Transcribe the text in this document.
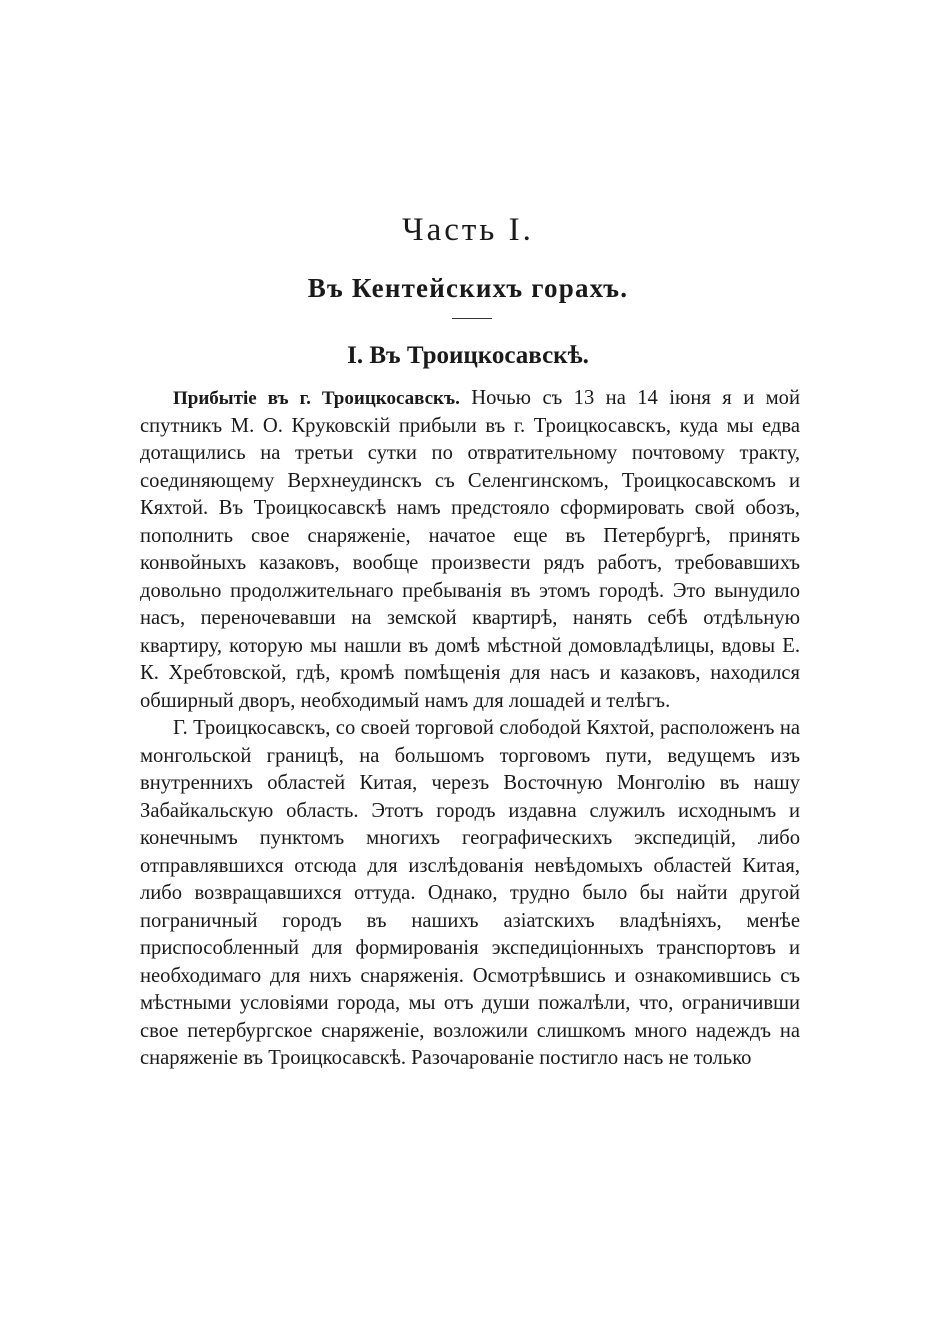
Часть I.
Въ Кентейскихъ горахъ.
I. Въ Троицкосавскѣ.

Прибытіе въ г. Троицкосавскъ. Ночью съ 13 на 14 іюня я и мой спутникъ М. О. Круковскій прибыли въ г. Троицкосавскъ, куда мы едва дотащились на третьи сутки по отвратительному почтовому тракту, соединяющему Верхнеудинскъ съ Селенгинскомъ, Троицкосавскомъ и Кяхтой. Въ Троицкосавскѣ намъ предстояло сформировать свой обозъ, пополнить свое снаряженіе, начатое еще въ Петербургѣ, принять конвойныхъ казаковъ, вообще произвести рядъ работъ, требовавшихъ довольно продолжительнаго пребыванія въ этомъ городѣ. Это вынудило насъ, переночевавши на земской квартирѣ, нанять себѣ отдѣльную квартиру, которую мы нашли въ домѣ мѣстной домовладѣлицы, вдовы Е. К. Хребтовской, гдѣ, кромѣ помѣщенія для насъ и казаковъ, находился обширный дворъ, необходимый намъ для лошадей и телѣгъ.

Г. Троицкосавскъ, со своей торговой слободой Кяхтой, расположенъ на монгольской границѣ, на большомъ торговомъ пути, ведущемъ изъ внутреннихъ областей Китая, черезъ Восточную Монголію въ нашу Забайкальскую область. Этотъ городъ издавна служилъ исходнымъ и конечнымъ пунктомъ многихъ географическихъ экспедицій, либо отправлявшихся отсюда для изслѣдованія невѣдомыхъ областей Китая, либо возвращавшихся оттуда. Однако, трудно было бы найти другой пограничный городъ въ нашихъ азіатскихъ владѣніяхъ, менѣе приспособленный для формированія экспедиціонныхъ транспортовъ и необходимаго для нихъ снаряженія. Осмотрѣвшись и ознакомившись съ мѣстными условіями города, мы отъ души пожалѣли, что, ограничивши свое петербургское снаряженіе, возложили слишкомъ много надеждъ на снаряженіе въ Троицкосавскѣ. Разочарованіе постигло насъ не только
